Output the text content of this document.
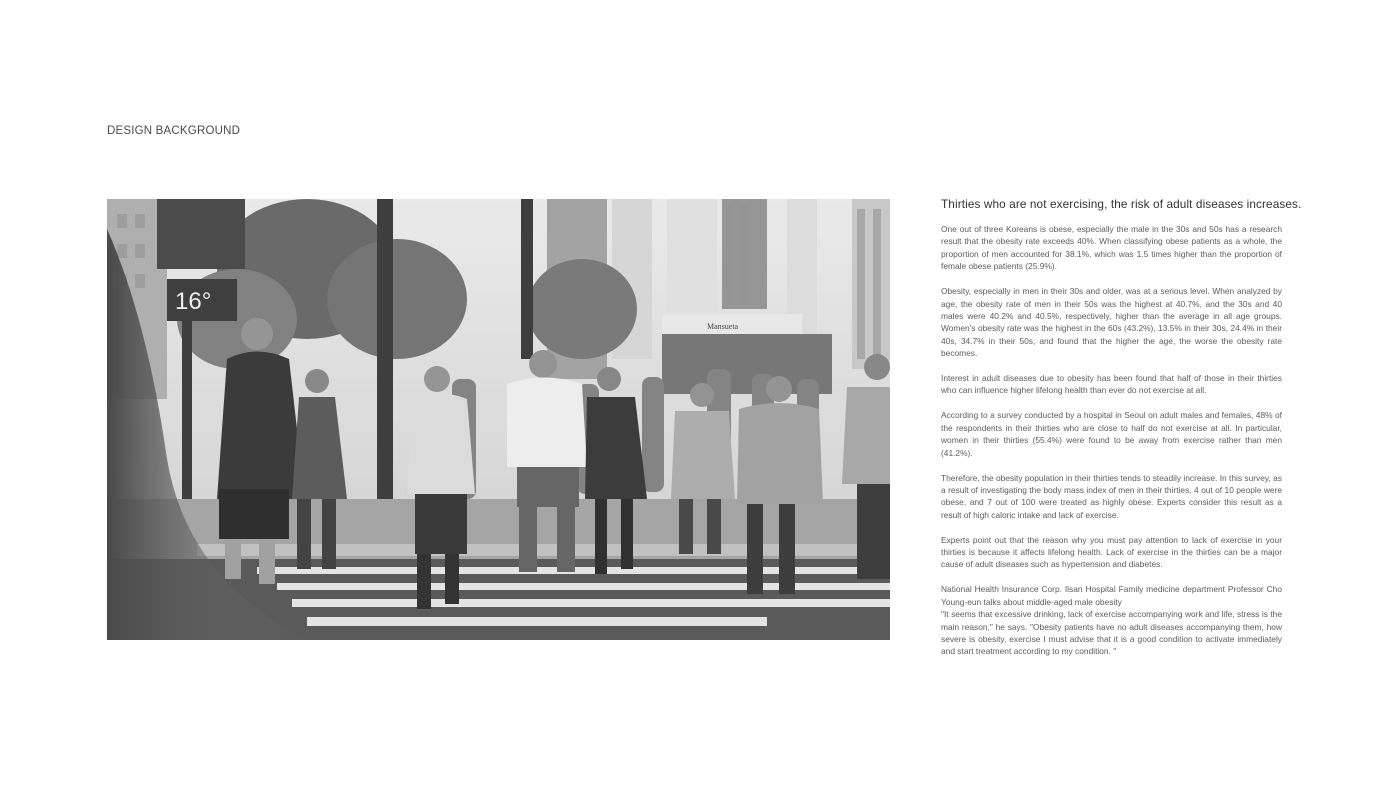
DESIGN BACKGROUND
16°
Mansueta
Thirties who are not exercising, the risk of adult diseases increases.

One out of three Koreans is obese, especially the male in the 30s and 50s has a research result that the obesity rate exceeds 40%. When classifying obese patients as a whole, the proportion of men accounted for 38.1%, which was 1.5 times higher than the proportion of female obese patients (25.9%).

Obesity, especially in men in their 30s and older, was at a serious level. When analyzed by age, the obesity rate of men in their 50s was the highest at 40.7%, and the 30s and 40 males were 40.2% and 40.5%, respectively, higher than the average in all age groups. Women's obesity rate was the highest in the 60s (43.2%), 13.5% in their 30s, 24.4% in their 40s, 34.7% in their 50s, and found that the higher the age, the worse the obesity rate becomes.

Interest in adult diseases due to obesity has been found that half of those in their thirties who can influence higher lifelong health than ever do not exercise at all.

According to a survey conducted by a hospital in Seoul on adult males and females, 48% of the respondents in their thirties who are close to half do not exercise at all. In particular, women in their thirties (55.4%) were found to be away from exercise rather than men (41.2%).

Therefore, the obesity population in their thirties tends to steadily increase. In this survey, as a result of investigating the body mass index of men in their thirties, 4 out of 10 people were obese, and 7 out of 100 were treated as highly obese. Experts consider this result as a result of high caloric intake and lack of exercise.

Experts point out that the reason why you must pay attention to lack of exercise in your thirties is because it affects lifelong health. Lack of exercise in the thirties can be a major cause of adult diseases such as hypertension and diabetes.

National Health Insurance Corp. Ilsan Hospital Family medicine department Professor Cho Young-eun talks about middle-aged male obesity

"It seems that excessive drinking, lack of exercise accompanying work and life, stress is the main reason," he says. "Obesity patients have no adult diseases accompanying them, how severe is obesity, exercise I must advise that it is a good condition to activate immediately and start treatment according to my condition. "
